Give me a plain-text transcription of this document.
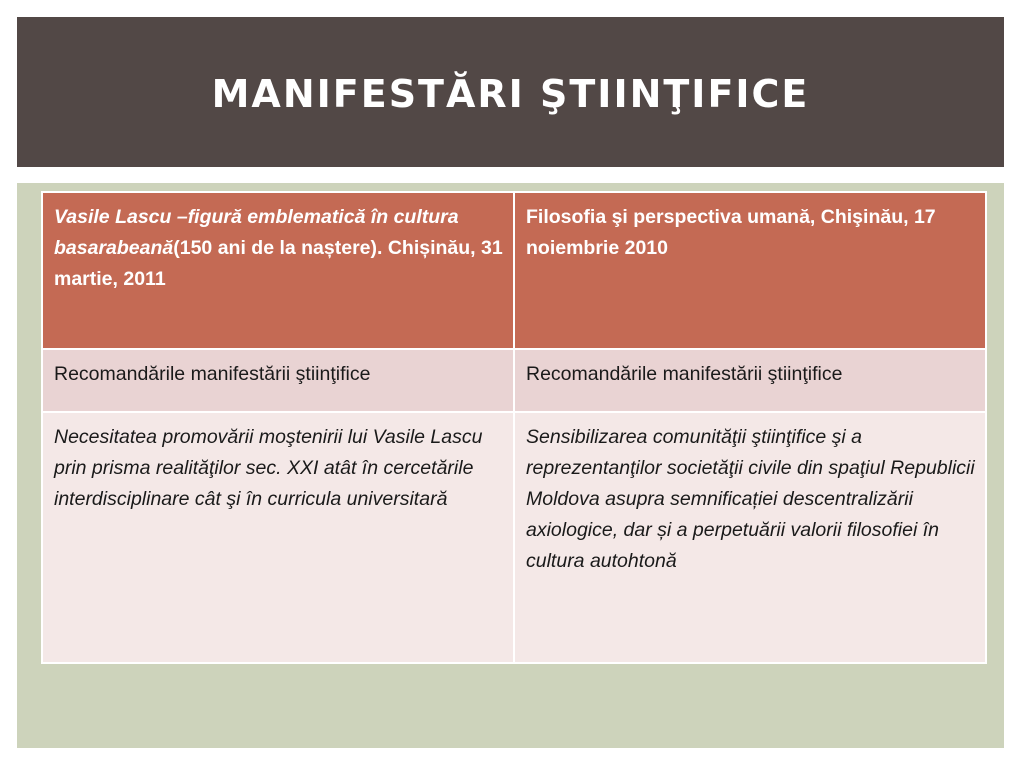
MANIFESTĂRI ŞTIINŢIFICE
Vasile Lascu –figură emblematică în cultura basarabeană(150 ani de la naștere). Chișinău, 31 martie, 2011	Filosofia şi perspectiva umană, Chişinău, 17 noiembrie 2010
Recomandările manifestării ştiinţifice	Recomandările manifestării ştiinţifice
Necesitatea promovării moştenirii lui Vasile Lascu prin prisma realităţilor sec. XXI atât în cercetările interdisciplinare cât şi în curricula universitară	Sensibilizarea comunităţii ştiinţifice şi a reprezentanţilor societăţii civile din spaţiul Republicii Moldova asupra semnificației descentralizării axiologice, dar și a perpetuării valorii filosofiei în cultura autohtonă
